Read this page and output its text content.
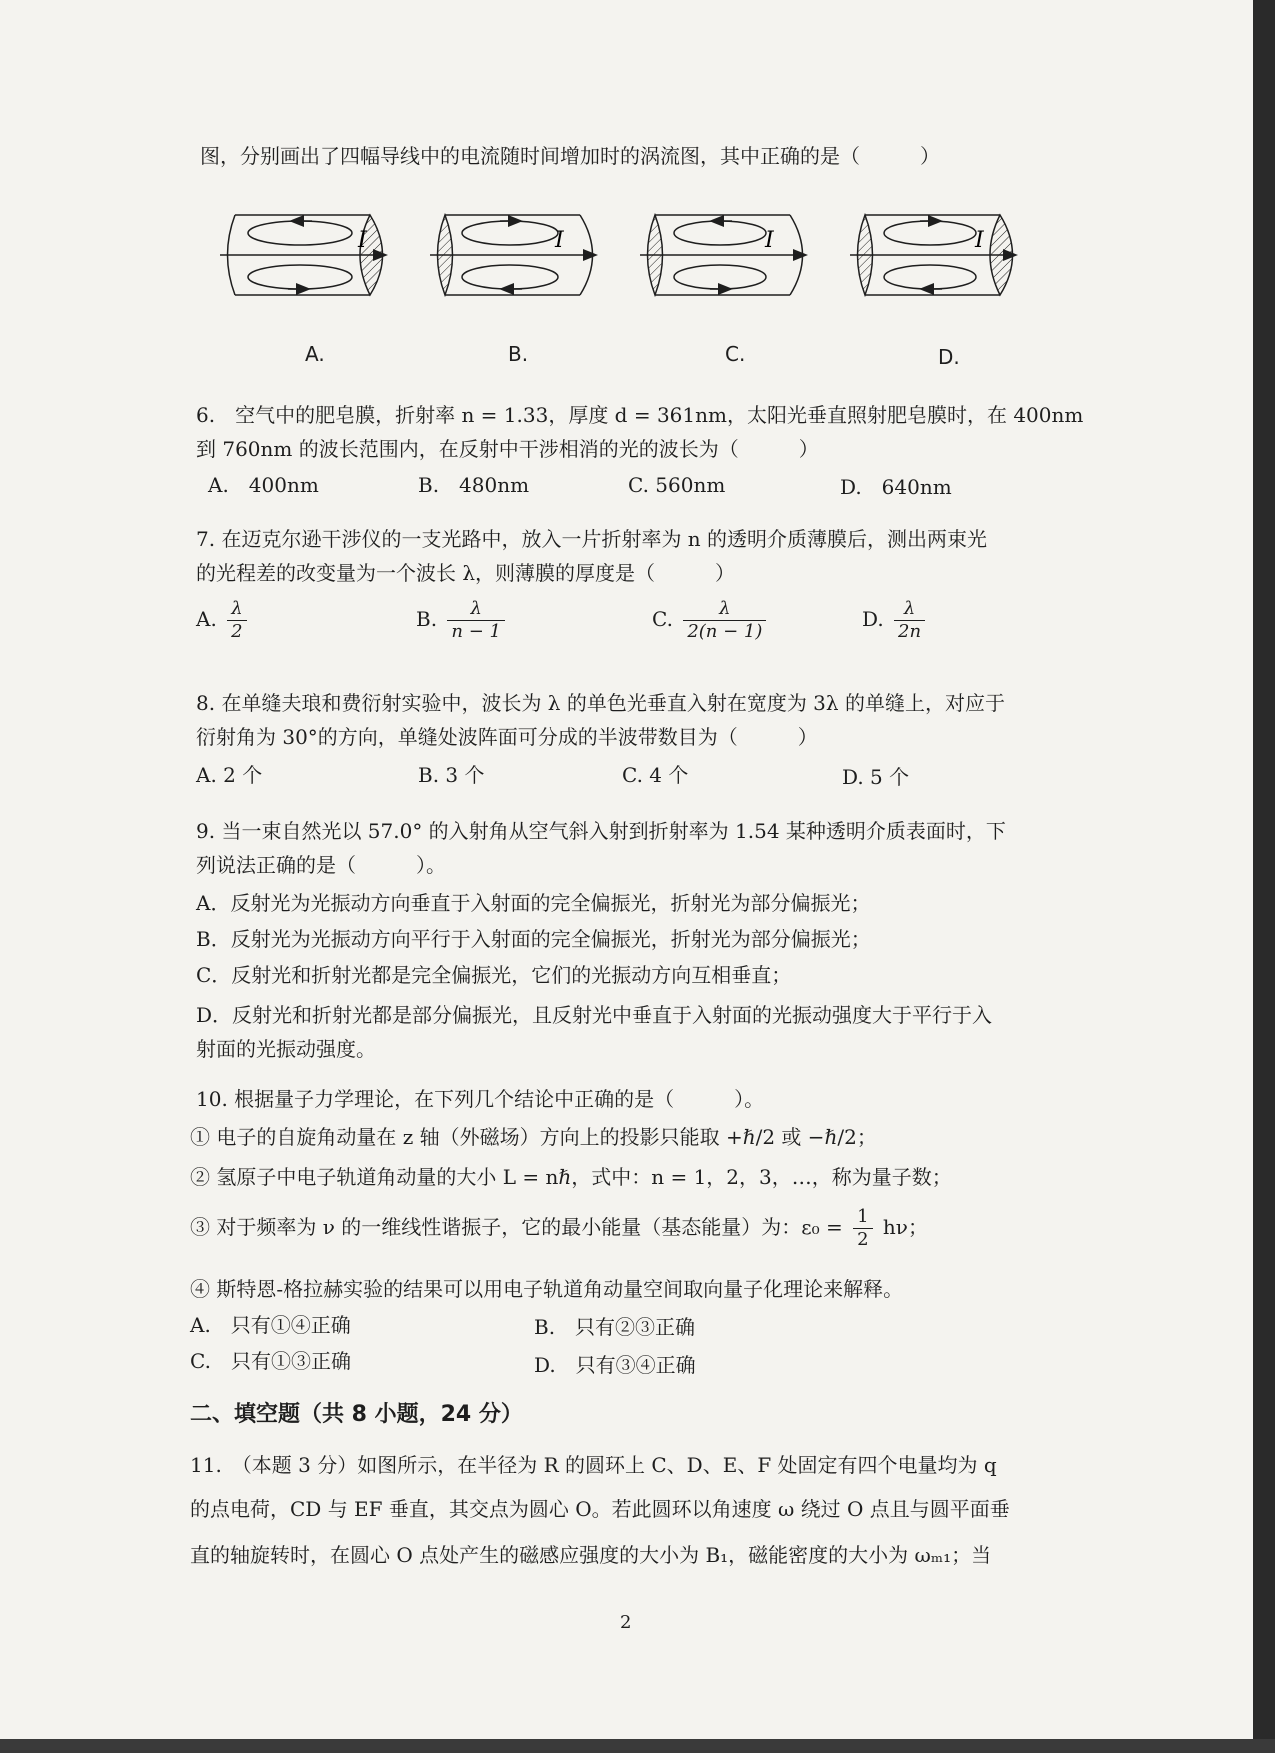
图，分别画出了四幅导线中的电流随时间增加时的涡流图，其中正确的是（　　　）
I	I	I	I
A.	B.	C.	D.
6.　空气中的肥皂膜，折射率 n = 1.33，厚度 d = 361nm，太阳光垂直照射肥皂膜时，在 400nm
到 760nm 的波长范围内，在反射中干涉相消的光的波长为（　　　）
A.　400nm	B.　480nm	C. 560nm	D.　640nm
7. 在迈克尔逊干涉仪的一支光路中，放入一片折射率为 n 的透明介质薄膜后，测出两束光
的光程差的改变量为一个波长 λ，则薄膜的厚度是（　　　）
A. $\frac{\lambda}{2}$	B. $\frac{\lambda}{n - 1}$	C. $\frac{\lambda}{2(n - 1)}$	D. $\frac{\lambda}{2n}$
8. 在单缝夫琅和费衍射实验中，波长为 λ 的单色光垂直入射在宽度为 3λ 的单缝上，对应于
衍射角为 30°的方向，单缝处波阵面可分成的半波带数目为（　　　）
A. 2 个	B. 3 个	C. 4 个	D. 5 个
9. 当一束自然光以 57.0° 的入射角从空气斜入射到折射率为 1.54 某种透明介质表面时，下
列说法正确的是（　　　）。
A．反射光为光振动方向垂直于入射面的完全偏振光，折射光为部分偏振光；
B．反射光为光振动方向平行于入射面的完全偏振光，折射光为部分偏振光；
C．反射光和折射光都是完全偏振光，它们的光振动方向互相垂直；
D．反射光和折射光都是部分偏振光，且反射光中垂直于入射面的光振动强度大于平行于入
射面的光振动强度。
10. 根据量子力学理论，在下列几个结论中正确的是（　　　）。
① 电子的自旋角动量在 z 轴（外磁场）方向上的投影只能取 +ℏ/2 或 −ℏ/2；
② 氢原子中电子轨道角动量的大小 L = nℏ，式中：n = 1，2，3，…，称为量子数；
③ 对于频率为 ν 的一维线性谐振子，它的最小能量（基态能量）为：$\varepsilon_0 = \frac{1}{2}$ hν；
④ 斯特恩-格拉赫实验的结果可以用电子轨道角动量空间取向量子化理论来解释。
A.　只有①④正确	B.　只有②③正确
C.　只有①③正确	D.　只有③④正确
二、填空题（共 8 小题，24 分）
11.　（本题 3 分）如图所示，在半径为 R 的圆环上 C、D、E、F 处固定有四个电量均为 q
的点电荷，CD 与 EF 垂直，其交点为圆心 O。若此圆环以角速度 ω 绕过 O 点且与圆平面垂
直的轴旋转时，在圆心 O 点处产生的磁感应强度的大小为 B₁，磁能密度的大小为 ωₘ₁；当
2
